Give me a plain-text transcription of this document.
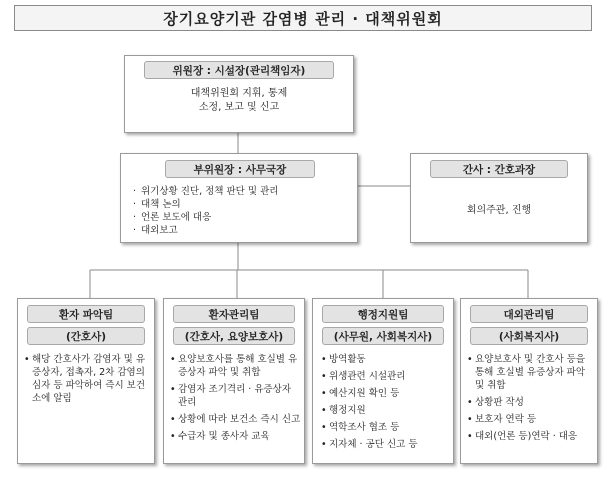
장기요양기관 감염병 관리 · 대책위원회
위원장 : 시설장(관리책임자)
대책위원회 지휘, 통제
소정, 보고 및 신고
부위원장 : 사무국장
· 위기상황 진단, 정책 판단 및 관리
· 대책 논의
· 언론 보도에 대응
· 대외보고
간사 : 간호과장
회의주관, 진행
환자 파악팀
(간호사)
• 해당 간호사가 감염자 및 유증상자, 접촉자, 2차 감염의심자 등 파악하여 즉시 보건소에 알림
환자관리팀
(간호사, 요양보호사)
• 요양보호사를 통해 호실별 유증상자 파악 및 취합
• 감염자 조기격리 · 유증상자 관리
• 상황에 따라 보건소 즉시 신고
• 수급자 및 종사자 교육
행정지원팀
(사무원, 사회복지사)
• 방역활동
• 위생관련 시설관리
• 예산지원 확인 등
• 행정지원
• 역학조사 협조 등
• 지자체 · 공단 신고 등
대외관리팀
(사회복지사)
• 요양보호사 및 간호사 등을 통해 호실별 유증상자 파악 및 취합
• 상황판 작성
• 보호자 연락 등
• 대외(언론 등)연락 · 대응
